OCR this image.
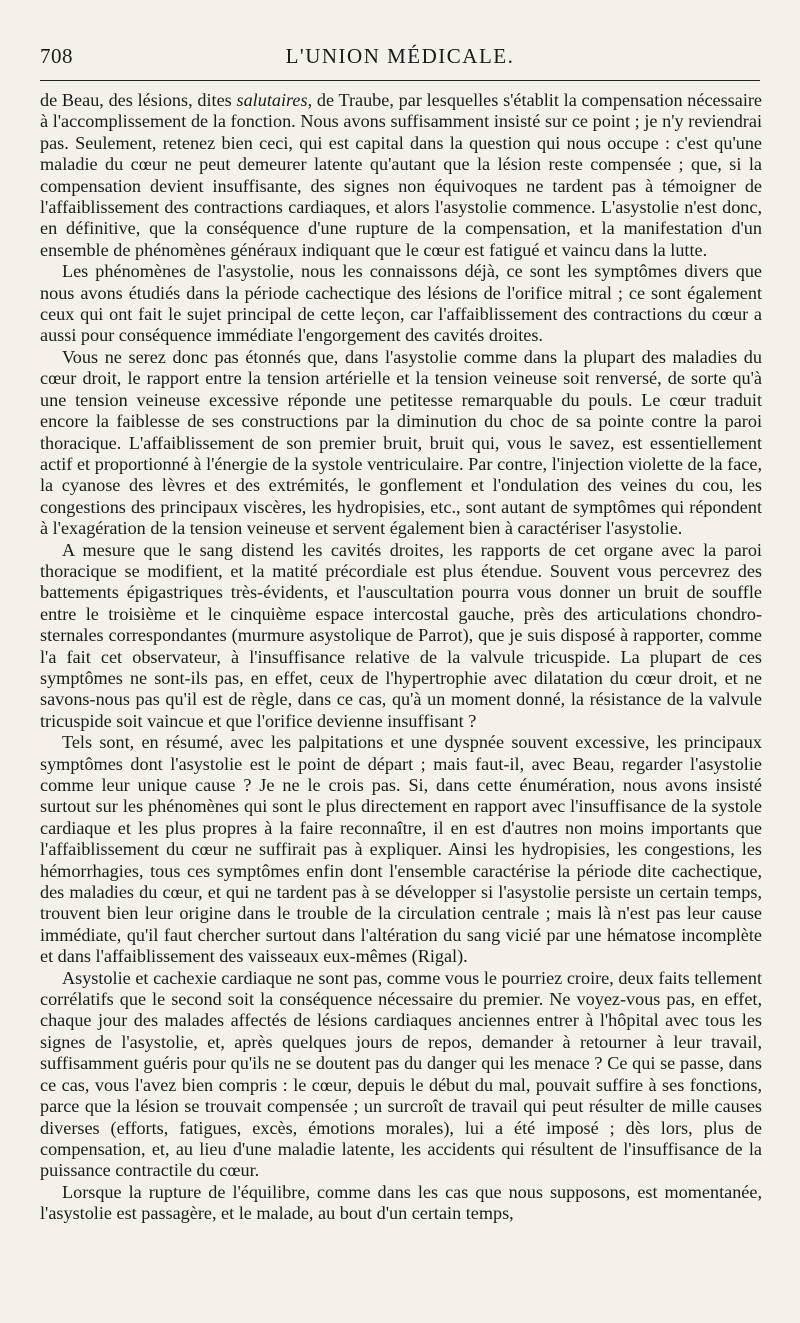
708	L'UNION MÉDICALE.

de Beau, des lésions, dites salutaires, de Traube, par lesquelles s'établit la compensation nécessaire à l'accomplissement de la fonction. Nous avons suffisamment insisté sur ce point ; je n'y reviendrai pas. Seulement, retenez bien ceci, qui est capital dans la question qui nous occupe : c'est qu'une maladie du cœur ne peut demeurer latente qu'autant que la lésion reste compensée ; que, si la compensation devient insuffisante, des signes non équivoques ne tardent pas à témoigner de l'affaiblissement des contractions cardiaques, et alors l'asystolie commence. L'asystolie n'est donc, en définitive, que la conséquence d'une rupture de la compensation, et la manifestation d'un ensemble de phénomènes généraux indiquant que le cœur est fatigué et vaincu dans la lutte.

Les phénomènes de l'asystolie, nous les connaissons déjà, ce sont les symptômes divers que nous avons étudiés dans la période cachectique des lésions de l'orifice mitral ; ce sont également ceux qui ont fait le sujet principal de cette leçon, car l'affaiblissement des contractions du cœur a aussi pour conséquence immédiate l'engorgement des cavités droites.

Vous ne serez donc pas étonnés que, dans l'asystolie comme dans la plupart des maladies du cœur droit, le rapport entre la tension artérielle et la tension veineuse soit renversé, de sorte qu'à une tension veineuse excessive réponde une petitesse remarquable du pouls. Le cœur traduit encore la faiblesse de ses constructions par la diminution du choc de sa pointe contre la paroi thoracique. L'affaiblissement de son premier bruit, bruit qui, vous le savez, est essentiellement actif et proportionné à l'énergie de la systole ventriculaire. Par contre, l'injection violette de la face, la cyanose des lèvres et des extrémités, le gonflement et l'ondulation des veines du cou, les congestions des principaux viscères, les hydropisies, etc., sont autant de symptômes qui répondent à l'exagération de la tension veineuse et servent également bien à caractériser l'asystolie.

A mesure que le sang distend les cavités droites, les rapports de cet organe avec la paroi thoracique se modifient, et la matité précordiale est plus étendue. Souvent vous percevrez des battements épigastriques très-évidents, et l'auscultation pourra vous donner un bruit de souffle entre le troisième et le cinquième espace intercostal gauche, près des articulations chondro-sternales correspondantes (murmure asystolique de Parrot), que je suis disposé à rapporter, comme l'a fait cet observateur, à l'insuffisance relative de la valvule tricuspide. La plupart de ces symptômes ne sont-ils pas, en effet, ceux de l'hypertrophie avec dilatation du cœur droit, et ne savons-nous pas qu'il est de règle, dans ce cas, qu'à un moment donné, la résistance de la valvule tricuspide soit vaincue et que l'orifice devienne insuffisant ?

Tels sont, en résumé, avec les palpitations et une dyspnée souvent excessive, les principaux symptômes dont l'asystolie est le point de départ ; mais faut-il, avec Beau, regarder l'asystolie comme leur unique cause ? Je ne le crois pas. Si, dans cette énumération, nous avons insisté surtout sur les phénomènes qui sont le plus directement en rapport avec l'insuffisance de la systole cardiaque et les plus propres à la faire reconnaître, il en est d'autres non moins importants que l'affaiblissement du cœur ne suffirait pas à expliquer. Ainsi les hydropisies, les congestions, les hémorrhagies, tous ces symptômes enfin dont l'ensemble caractérise la période dite cachectique, des maladies du cœur, et qui ne tardent pas à se développer si l'asystolie persiste un certain temps, trouvent bien leur origine dans le trouble de la circulation centrale ; mais là n'est pas leur cause immédiate, qu'il faut chercher surtout dans l'altération du sang vicié par une hématose incomplète et dans l'affaiblissement des vaisseaux eux-mêmes (Rigal).

Asystolie et cachexie cardiaque ne sont pas, comme vous le pourriez croire, deux faits tellement corrélatifs que le second soit la conséquence nécessaire du premier. Ne voyez-vous pas, en effet, chaque jour des malades affectés de lésions cardiaques anciennes entrer à l'hôpital avec tous les signes de l'asystolie, et, après quelques jours de repos, demander à retourner à leur travail, suffisamment guéris pour qu'ils ne se doutent pas du danger qui les menace ? Ce qui se passe, dans ce cas, vous l'avez bien compris : le cœur, depuis le début du mal, pouvait suffire à ses fonctions, parce que la lésion se trouvait compensée ; un surcroît de travail qui peut résulter de mille causes diverses (efforts, fatigues, excès, émotions morales), lui a été imposé ; dès lors, plus de compensation, et, au lieu d'une maladie latente, les accidents qui résultent de l'insuffisance de la puissance contractile du cœur.

Lorsque la rupture de l'équilibre, comme dans les cas que nous supposons, est momentanée, l'asystolie est passagère, et le malade, au bout d'un certain temps,
